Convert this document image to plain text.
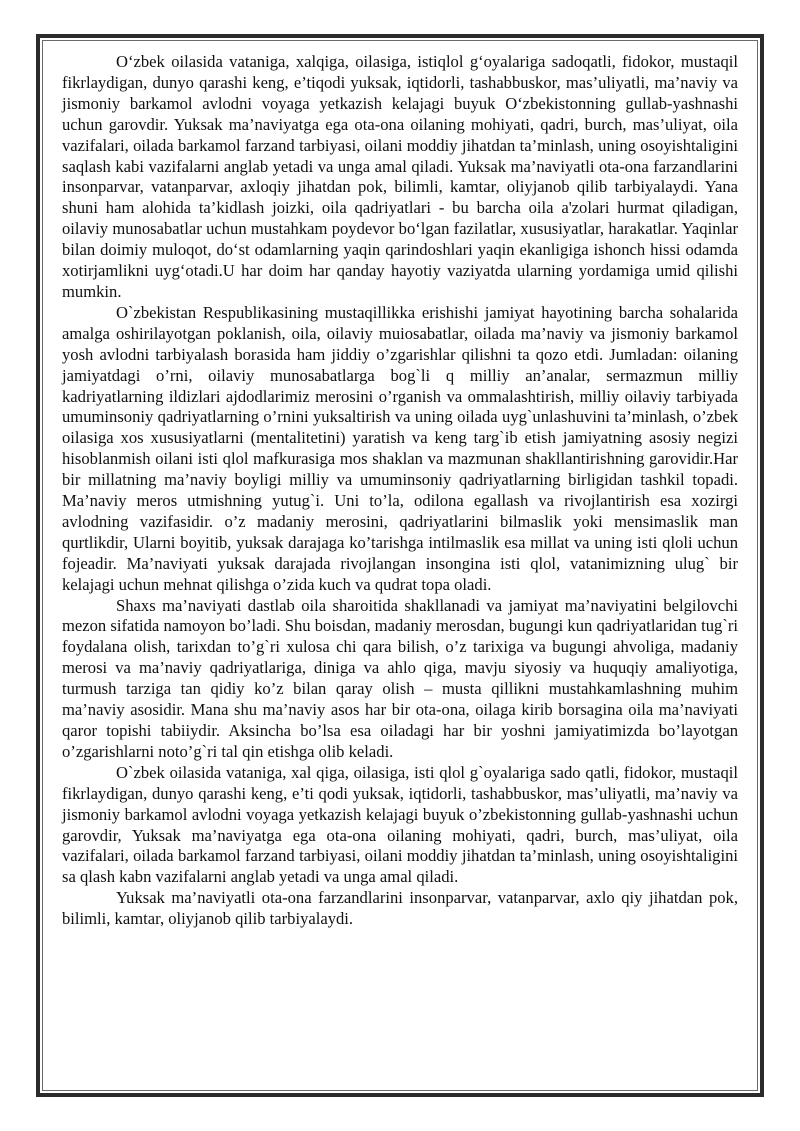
O‘zbek oilasida vataniga, xalqiga, oilasiga, istiqlol g‘oyalariga sadoqatli, fidokor, mustaqil fikrlaydigan, dunyo qarashi keng, e’tiqodi yuksak, iqtidorli, tashabbuskor, mas’uliyatli, ma’naviy va jismoniy barkamol avlodni voyaga yetkazish kelajagi buyuk O‘zbekistonning gullab-yashnashi uchun garovdir. Yuksak ma’naviyatga ega ota-ona oilaning mohiyati, qadri, burch, mas’uliyat, oila vazifalari, oilada barkamol farzand tarbiyasi, oilani moddiy jihatdan ta’minlash, uning osoyishtaligini saqlash kabi vazifalarni anglab yetadi va unga amal qiladi. Yuksak ma’naviyatli ota-ona farzandlarini insonparvar, vatanparvar, axloqiy jihatdan pok, bilimli, kamtar, oliyjanob qilib tarbiyalaydi. Yana shuni ham alohida ta’kidlash joizki, oila qadriyatlari - bu barcha oila a'zolari hurmat qiladigan, oilaviy munosabatlar uchun mustahkam poydevor bo‘lgan fazilatlar, xususiyatlar, harakatlar. Yaqinlar bilan doimiy muloqot, do‘st odamlarning yaqin qarindoshlari yaqin ekanligiga ishonch hissi odamda xotirjamlikni uyg‘otadi.U har doim har qanday hayotiy vaziyatda ularning yordamiga umid qilishi mumkin.

O`zbekistan Respublikasining mustaqillikka erishishi jamiyat hayotining barcha sohalarida amalga oshirilayotgan poklanish, oila, oilaviy muiosabatlar, oilada ma’naviy va jismoniy barkamol yosh avlodni tarbiyalash borasida ham jiddiy o’zgarishlar qilishni ta qozo etdi. Jumladan: oilaning jamiyatdagi o’rni, oilaviy munosabatlarga bog`li q milliy an’analar, sermazmun milliy kadriyatlarning ildizlari ajdodlarimiz merosini o’rganish va ommalashtirish, milliy oilaviy tarbiyada umuminsoniy qadriyatlarning o’rnini yuksaltirish va uning oilada uyg`unlashuvini ta’minlash, o’zbek oilasiga xos xususiyatlarni (mentalitetini) yaratish va keng targ`ib etish jamiyatning asosiy negizi hisoblanmish oilani isti qlol mafkurasiga mos shaklan va mazmunan shakllantirishning garovidir.Har bir millatning ma’naviy boyligi milliy va umuminsoniy qadriyatlarning birligidan tashkil topadi. Ma’naviy meros utmishning yutug`i. Uni to’la, odilona egallash va rivojlantirish esa xozirgi avlodning vazifasidir. o’z madaniy merosini, qadriyatlarini bilmaslik yoki mensimaslik man qurtlikdir, Ularni boyitib, yuksak darajaga ko’tarishga intilmaslik esa millat va uning isti qloli uchun fojeadir. Ma’naviyati yuksak darajada rivojlangan insongina isti qlol, vatanimizning ulug` bir kelajagi uchun mehnat qilishga o’zida kuch va qudrat topa oladi.

Shaxs ma’naviyati dastlab oila sharoitida shakllanadi va jamiyat ma’naviyatini belgilovchi mezon sifatida namoyon bo’ladi. Shu boisdan, madaniy merosdan, bugungi kun qadriyatlaridan tug`ri foydalana olish, tarixdan to’g`ri xulosa chi qara bilish, o’z tarixiga va bugungi ahvoliga, madaniy merosi va ma’naviy qadriyatlariga, diniga va ahlo qiga, mavju siyosiy va huquqiy amaliyotiga, turmush tarziga tan qidiy ko’z bilan qaray olish – musta qillikni mustahkamlashning muhim ma’naviy asosidir. Mana shu ma’naviy asos har bir ota-ona, oilaga kirib borsagina oila ma’naviyati qaror topishi tabiiydir. Aksincha bo’lsa esa oiladagi har bir yoshni jamiyatimizda bo’layotgan o’zgarishlarni noto’g`ri tal qin etishga olib keladi.

O`zbek oilasida vataniga, xal qiga, oilasiga, isti qlol g`oyalariga sado qatli, fidokor, mustaqil fikrlaydigan, dunyo qarashi keng, e’ti qodi yuksak, iqtidorli, tashabbuskor, mas’uliyatli, ma’naviy va jismoniy barkamol avlodni voyaga yetkazish kelajagi buyuk o’zbekistonning gullab-yashnashi uchun garovdir, Yuksak ma’naviyatga ega ota-ona oilaning mohiyati, qadri, burch, mas’uliyat, oila vazifalari, oilada barkamol farzand tarbiyasi, oilani moddiy jihatdan ta’minlash, uning osoyishtaligini sa qlash kabn vazifalarni anglab yetadi va unga amal qiladi.

Yuksak ma’naviyatli ota-ona farzandlarini insonparvar, vatanparvar, axlo qiy jihatdan pok, bilimli, kamtar, oliyjanob qilib tarbiyalaydi.
